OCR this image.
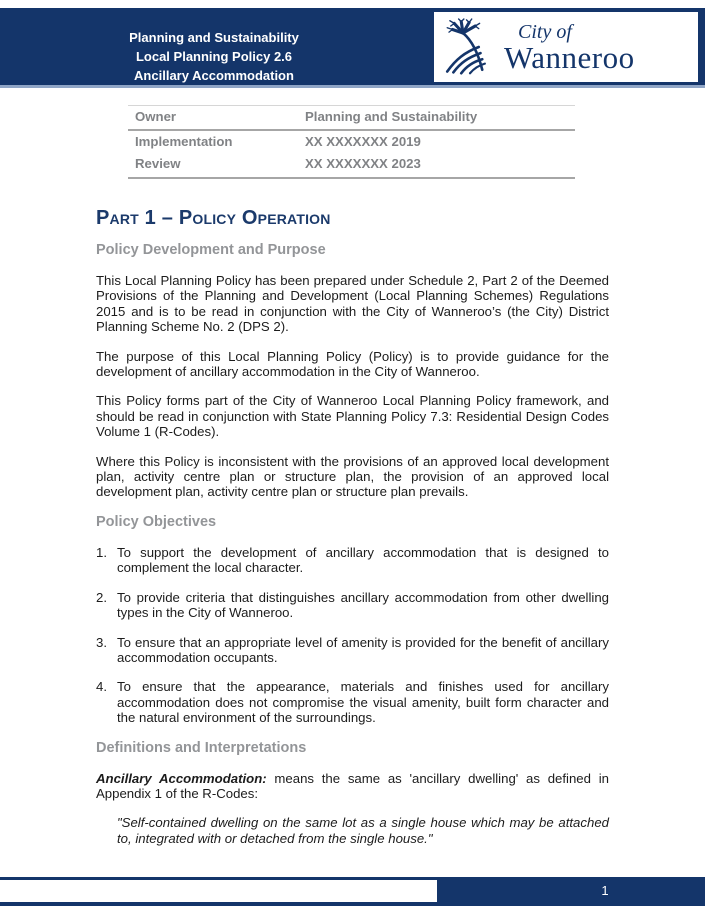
Planning and Sustainability
Local Planning Policy 2.6
Ancillary Accommodation
City of
Wanneroo
Owner	Planning and Sustainability
Implementation	XX XXXXXXX 2019
Review	XX XXXXXXX 2023
Part 1 – Policy Operation
Policy Development and Purpose

This Local Planning Policy has been prepared under Schedule 2, Part 2 of the Deemed Provisions of the Planning and Development (Local Planning Schemes) Regulations 2015 and is to be read in conjunction with the City of Wanneroo’s (the City) District Planning Scheme No. 2 (DPS 2).

The purpose of this Local Planning Policy (Policy) is to provide guidance for the development of ancillary accommodation in the City of Wanneroo.

This Policy forms part of the City of Wanneroo Local Planning Policy framework, and should be read in conjunction with State Planning Policy 7.3: Residential Design Codes Volume 1 (R-Codes).

Where this Policy is inconsistent with the provisions of an approved local development plan, activity centre plan or structure plan, the provision of an approved local development plan, activity centre plan or structure plan prevails.

Policy Objectives
1. To support the development of ancillary accommodation that is designed to complement the local character.
2. To provide criteria that distinguishes ancillary accommodation from other dwelling types in the City of Wanneroo.
3. To ensure that an appropriate level of amenity is provided for the benefit of ancillary accommodation occupants.
4. To ensure that the appearance, materials and finishes used for ancillary accommodation does not compromise the visual amenity, built form character and the natural environment of the surroundings.
Definitions and Interpretations

Ancillary Accommodation: means the same as 'ancillary dwelling' as defined in Appendix 1 of the R-Codes:

"Self-contained dwelling on the same lot as a single house which may be attached to, integrated with or detached from the single house."

1
